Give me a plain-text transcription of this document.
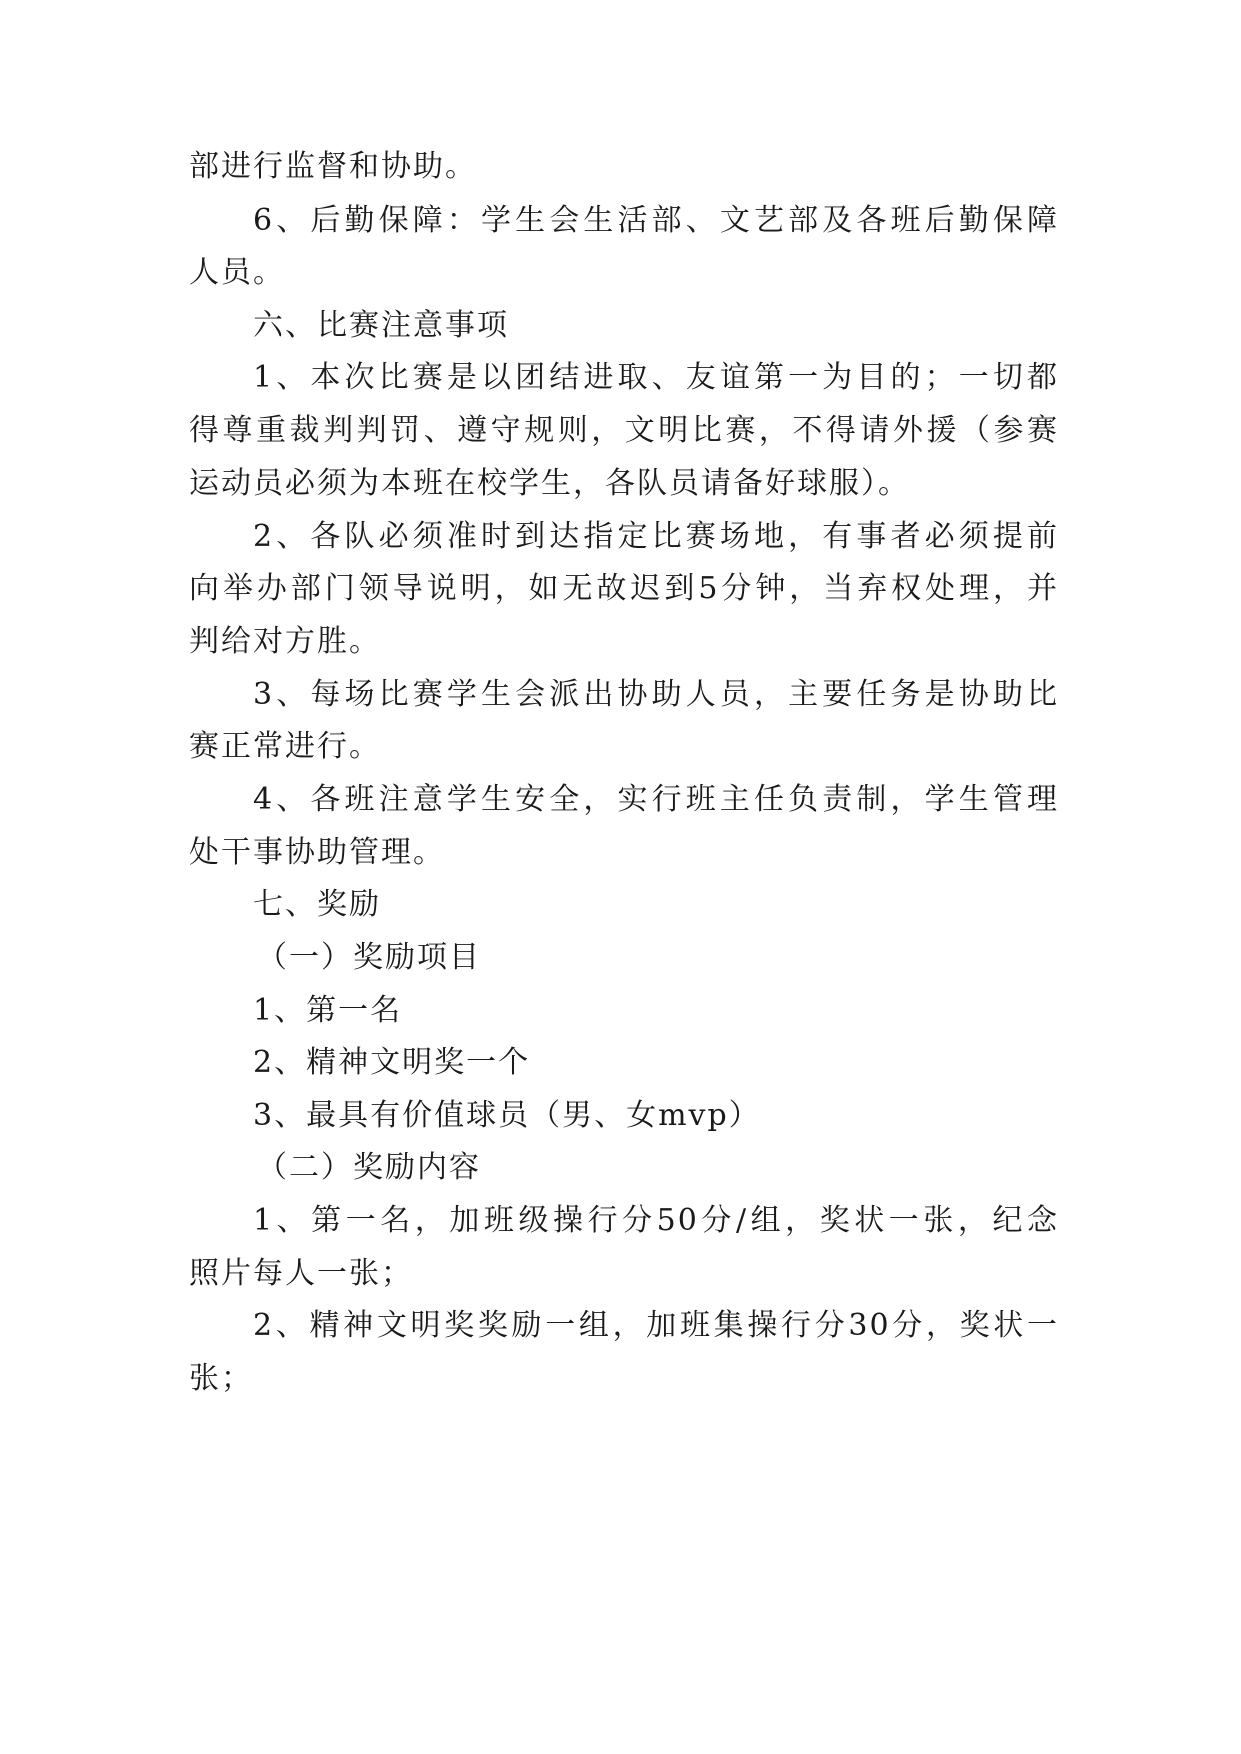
部进行监督和协助。
6、后勤保障：学生会生活部、文艺部及各班后勤保障
人员。
六、比赛注意事项
1、本次比赛是以团结进取、友谊第一为目的；一切都
得尊重裁判判罚、遵守规则，文明比赛，不得请外援（参赛
运动员必须为本班在校学生，各队员请备好球服）。
2、各队必须准时到达指定比赛场地，有事者必须提前
向举办部门领导说明，如无故迟到5分钟，当弃权处理，并
判给对方胜。
3、每场比赛学生会派出协助人员，主要任务是协助比
赛正常进行。
4、各班注意学生安全，实行班主任负责制，学生管理
处干事协助管理。
七、奖励
（一）奖励项目
1、第一名
2、精神文明奖一个
3、最具有价值球员（男、女mvp）
（二）奖励内容
1、第一名，加班级操行分50分/组，奖状一张，纪念
照片每人一张；
2、精神文明奖奖励一组，加班集操行分30分，奖状一
张；
